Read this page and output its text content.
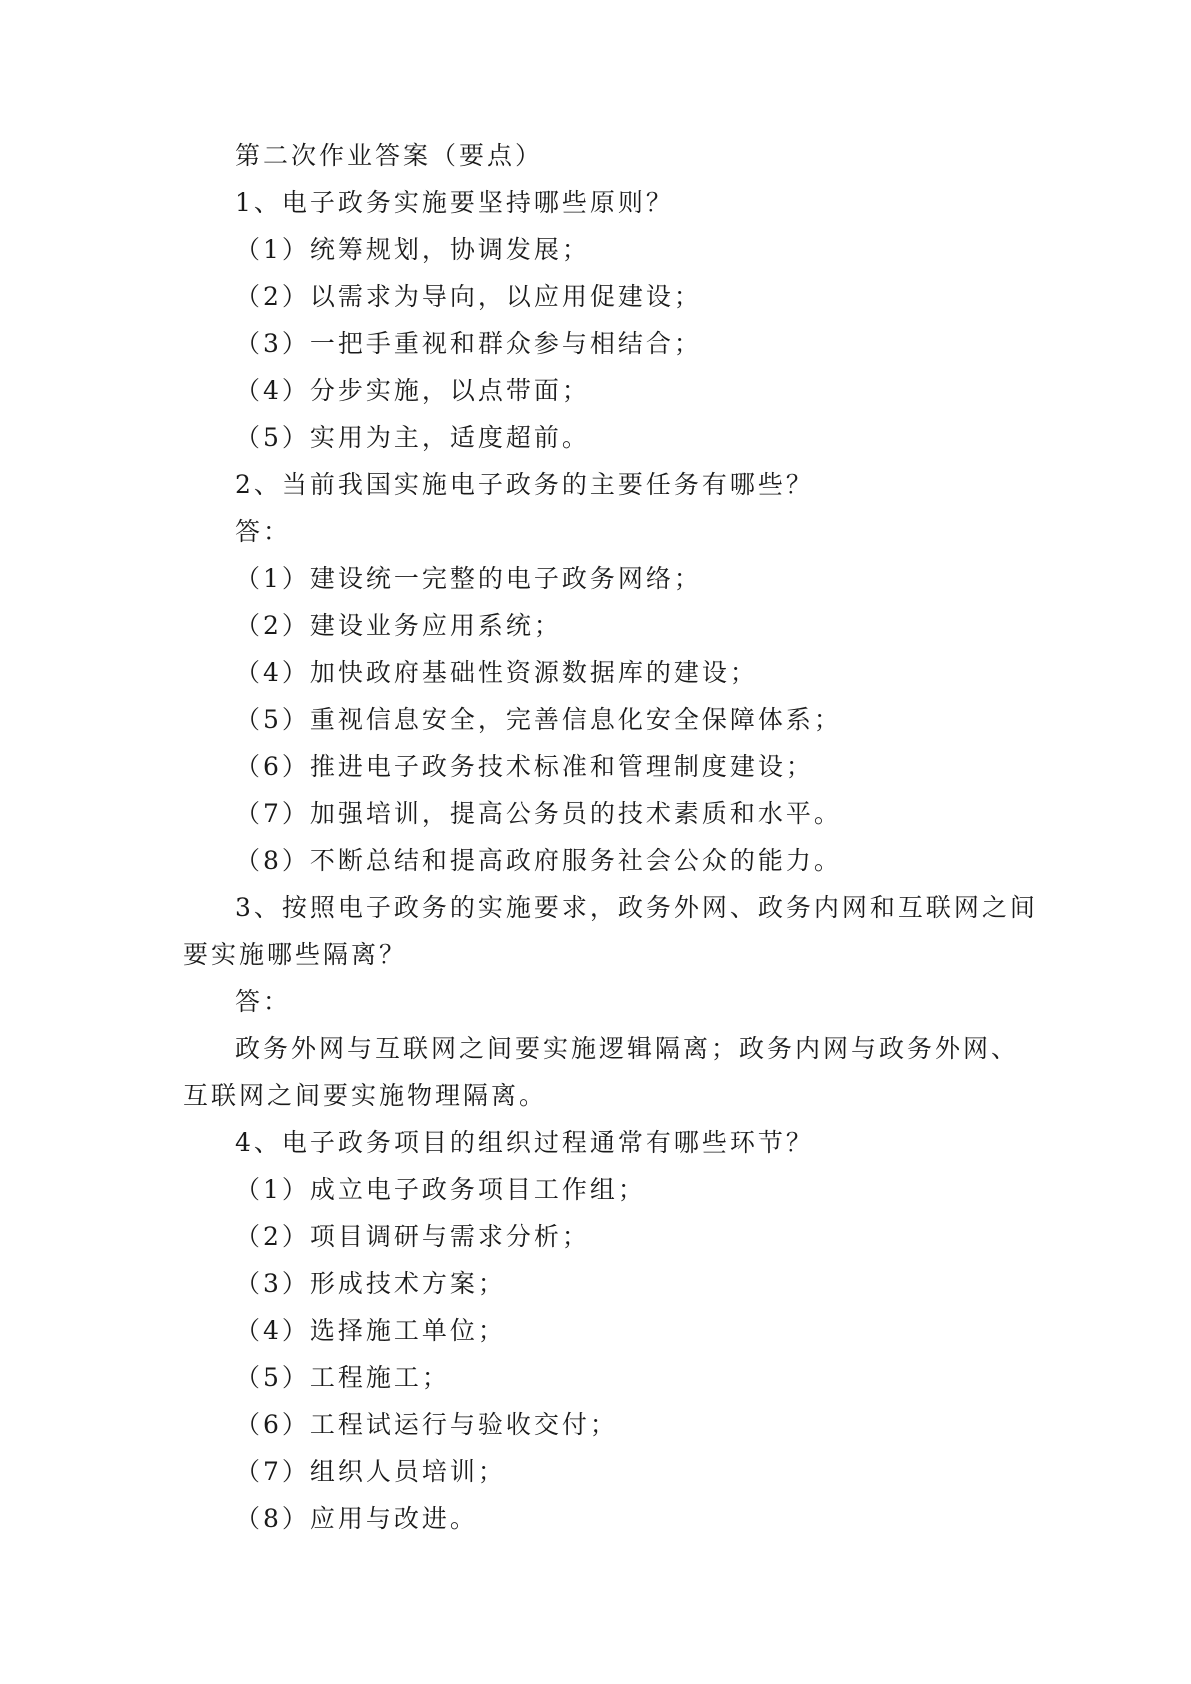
第二次作业答案（要点）
1、电子政务实施要坚持哪些原则？
（1）统筹规划，协调发展；
（2）以需求为导向，以应用促建设；
（3）一把手重视和群众参与相结合；
（4）分步实施，以点带面；
（5）实用为主，适度超前。
2、当前我国实施电子政务的主要任务有哪些？
答：
（1）建设统一完整的电子政务网络；
（2）建设业务应用系统；
（4）加快政府基础性资源数据库的建设；
（5）重视信息安全，完善信息化安全保障体系；
（6）推进电子政务技术标准和管理制度建设；
（7）加强培训，提高公务员的技术素质和水平。
（8）不断总结和提高政府服务社会公众的能力。
3、按照电子政务的实施要求，政务外网、政务内网和互联网之间
要实施哪些隔离？
答：
政务外网与互联网之间要实施逻辑隔离；政务内网与政务外网、
互联网之间要实施物理隔离。
4、电子政务项目的组织过程通常有哪些环节？
（1）成立电子政务项目工作组；
（2）项目调研与需求分析；
（3）形成技术方案；
（4）选择施工单位；
（5）工程施工；
（6）工程试运行与验收交付；
（7）组织人员培训；
（8）应用与改进。
